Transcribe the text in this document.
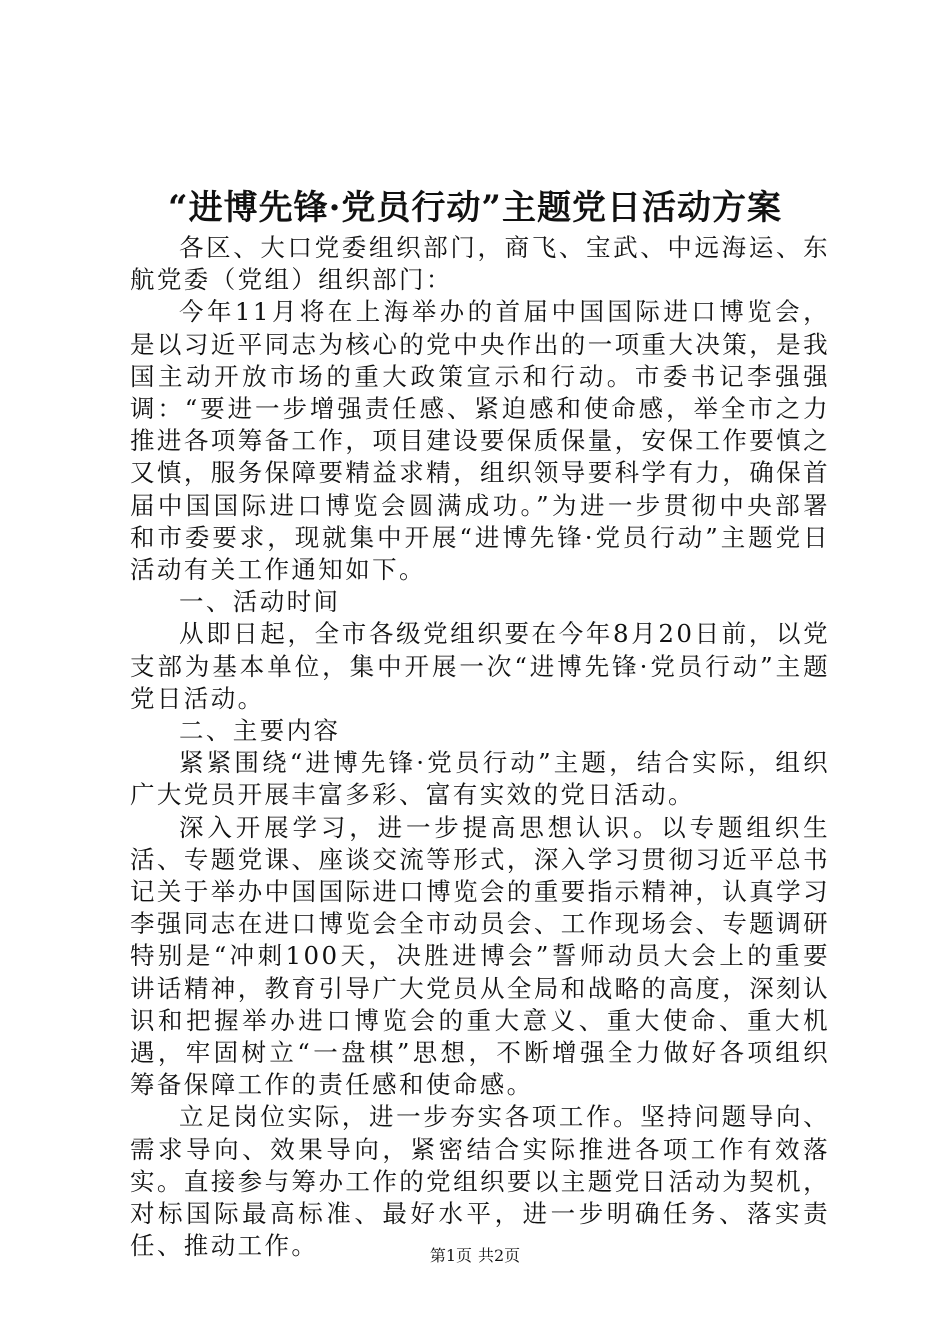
“进博先锋·党员行动”主题党日活动方案

各区、大口党委组织部门，商飞、宝武、中远海运、东航党委（党组）组织部门：

今年11月将在上海举办的首届中国国际进口博览会，是以习近平同志为核心的党中央作出的一项重大决策，是我国主动开放市场的重大政策宣示和行动。市委书记李强强调：“要进一步增强责任感、紧迫感和使命感，举全市之力推进各项筹备工作，项目建设要保质保量，安保工作要慎之又慎，服务保障要精益求精，组织领导要科学有力，确保首届中国国际进口博览会圆满成功。”为进一步贯彻中央部署和市委要求，现就集中开展“进博先锋·党员行动”主题党日活动有关工作通知如下。

一、活动时间

从即日起，全市各级党组织要在今年8月20日前，以党支部为基本单位，集中开展一次“进博先锋·党员行动”主题党日活动。

二、主要内容

紧紧围绕“进博先锋·党员行动”主题，结合实际，组织广大党员开展丰富多彩、富有实效的党日活动。

深入开展学习，进一步提高思想认识。以专题组织生活、专题党课、座谈交流等形式，深入学习贯彻习近平总书记关于举办中国国际进口博览会的重要指示精神，认真学习李强同志在进口博览会全市动员会、工作现场会、专题调研特别是“冲刺100天，决胜进博会”誓师动员大会上的重要讲话精神，教育引导广大党员从全局和战略的高度，深刻认识和把握举办进口博览会的重大意义、重大使命、重大机遇，牢固树立“一盘棋”思想，不断增强全力做好各项组织筹备保障工作的责任感和使命感。

立足岗位实际，进一步夯实各项工作。坚持问题导向、需求导向、效果导向，紧密结合实际推进各项工作有效落实。直接参与筹办工作的党组织要以主题党日活动为契机，对标国际最高标准、最好水平，进一步明确任务、落实责任、推动工作。	第1页 共2页
